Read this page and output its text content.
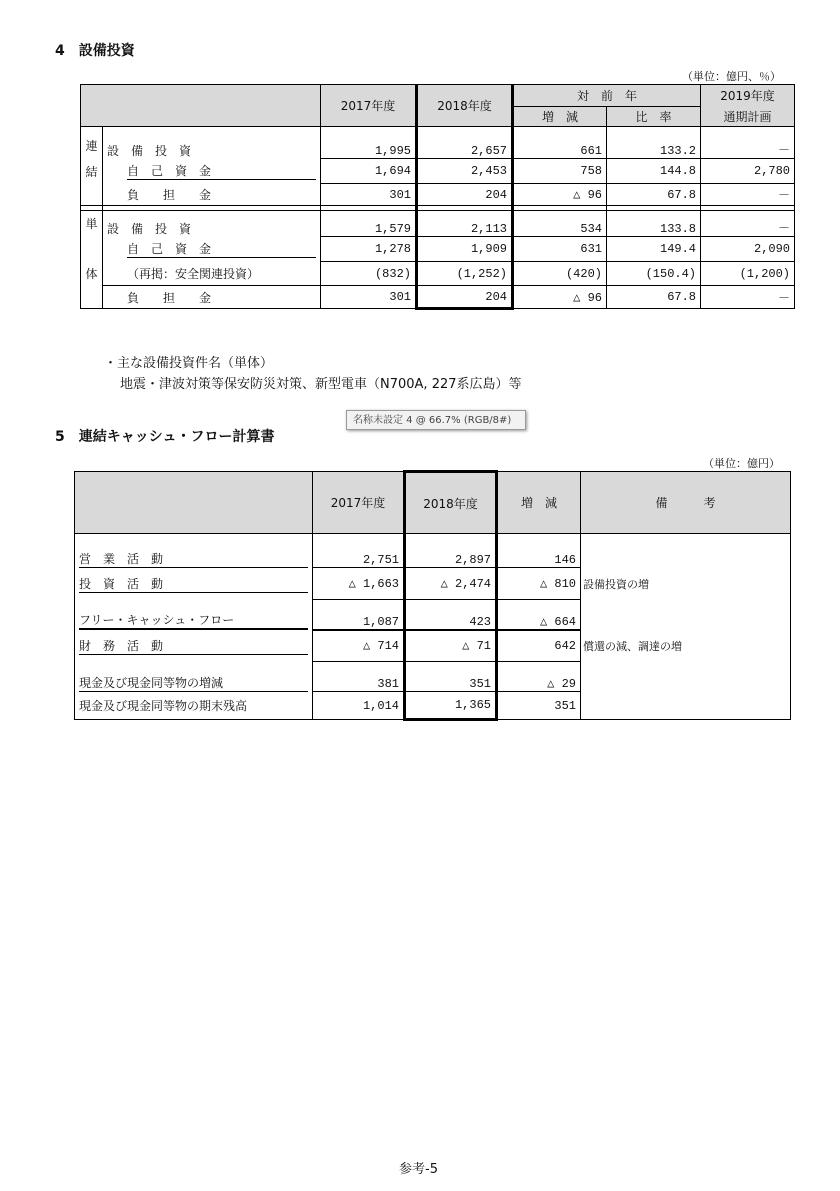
4　設備投資
（単位：億円、％）
		2017年度	2018年度	対　前　年		2019年度
				増　減	比　率	通期計画

連	設　備　投　資	1,995	2,657	661	133.2	－
結	自　己　資　金	1,694	2,453	758	144.8	2,780
	負　　担　　金	301	204	△ 96	67.8	－

単	設　備　投　資	1,579	2,113	534	133.8	－

	自　己　資　金	1,278	1,909	631	149.4	2,090
体	（再掲：安全関連投資）	(832)	(1,252)	(420)	(150.4)	(1,200)
	負　　担　　金	301	204	△ 96	67.8	－
・主な設備投資件名（単体）
地震・津波対策等保安防災対策、新型電車（N700A, 227系広島）等
名称未設定 4 @ 66.7% (RGB/8#)
5　連結キャッシュ・フロー計算書
（単位：億円）
	2017年度	2018年度	増　減	備　　　考

営　業　活　動	2,751	2,897	146	

投　資　活　動	△ 1,663	△ 2,474	△ 810	設備投資の増

フリー・キャッシュ・フロー	1,087	423	△ 664	

財　務　活　動	△ 714	△ 71	642	償還の減、調達の増

現金及び現金同等物の増減	381	351	△ 29	
現金及び現金同等物の期末残高	1,014	1,365	351	
参考-5
